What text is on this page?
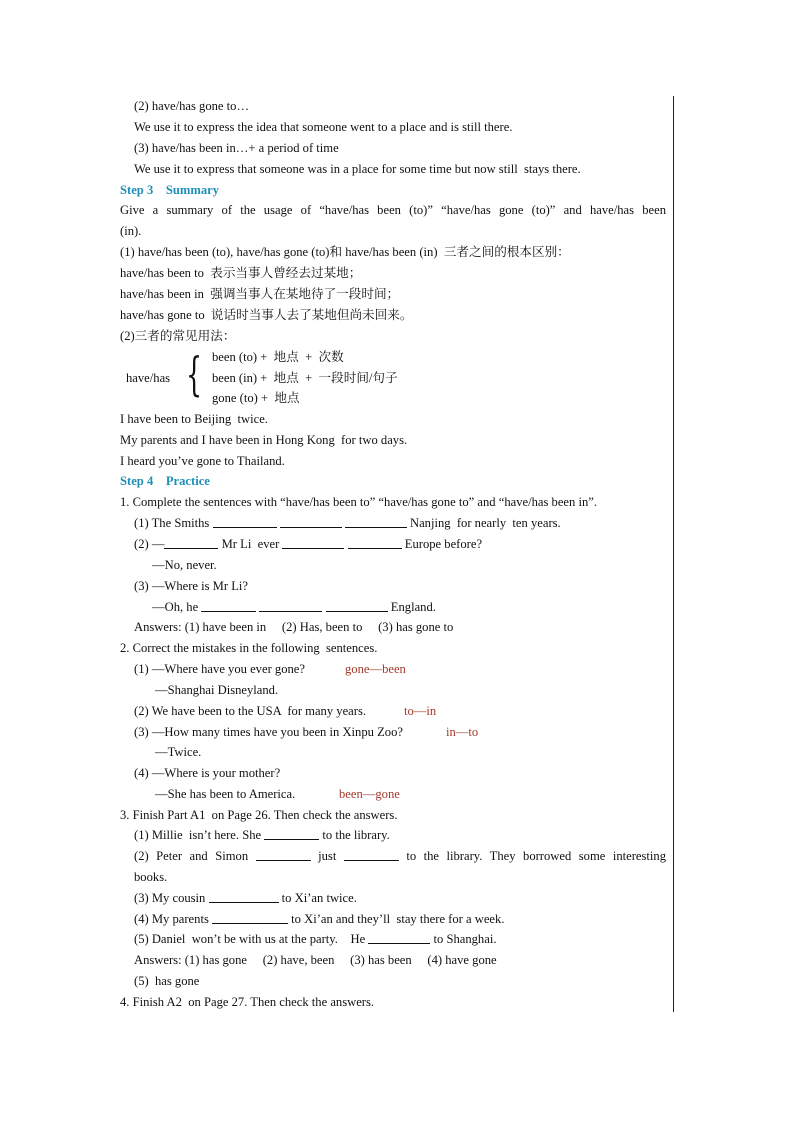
(2) have/has gone to…
We use it to express the idea that someone went to a place and is still there.
(3) have/has been in…+ a period of time
We use it to express that someone was in a place for some time but now still  stays there.
Step 3    Summary
Give a summary of the usage of “have/has been (to)” “have/has gone (to)” and have/has been
(in).
(1) have/has been (to), have/has gone (to)和 have/has been (in)  三者之间的根本区别：
have/has been to  表示当事人曾经去过某地；
have/has been in  强调当事人在某地待了一段时间；
have/has gone to  说话时当事人去了某地但尚未回来。
(2)三者的常见用法：
have/has { been (to) +  地点  +  次数
been (in) +  地点  +  一段时间/句子
gone (to) +  地点
I have been to Beijing  twice.
My parents and I have been in Hong Kong  for two days.
I heard you’ve gone to Thailand.
Step 4    Practice
1. Complete the sentences with “have/has been to” “have/has gone to” and “have/has been in”.
(1) The Smiths	Nanjing  for nearly  ten years.
(2) —	Mr Li  ever	Europe before?
—No, never.
(3) —Where is Mr Li?
—Oh, he	England.
Answers: (1) have been in     (2) Has, been to     (3) has gone to
2. Correct the mistakes in the following  sentences.
(1) —Where have you ever gone?	gone—been
—Shanghai Disneyland.
(2) We have been to the USA  for many years.	to—in
(3) —How many times have you been in Xinpu Zoo?	in—to
—Twice.
(4) —Where is your mother?
—She has been to America.	been—gone
3. Finish Part A1  on Page 26. Then check the answers.
(1) Millie  isn’t here. She	to the library.
(2) Peter and Simon	just	to the library. They borrowed some interesting
books.
(3) My cousin	to Xi’an twice.
(4) My parents	to Xi’an and they’ll  stay there for a week.
(5) Daniel  won’t be with us at the party.    He	to Shanghai.
Answers: (1) has gone     (2) have, been     (3) has been     (4) have gone
(5)  has gone
4. Finish A2  on Page 27. Then check the answers.
